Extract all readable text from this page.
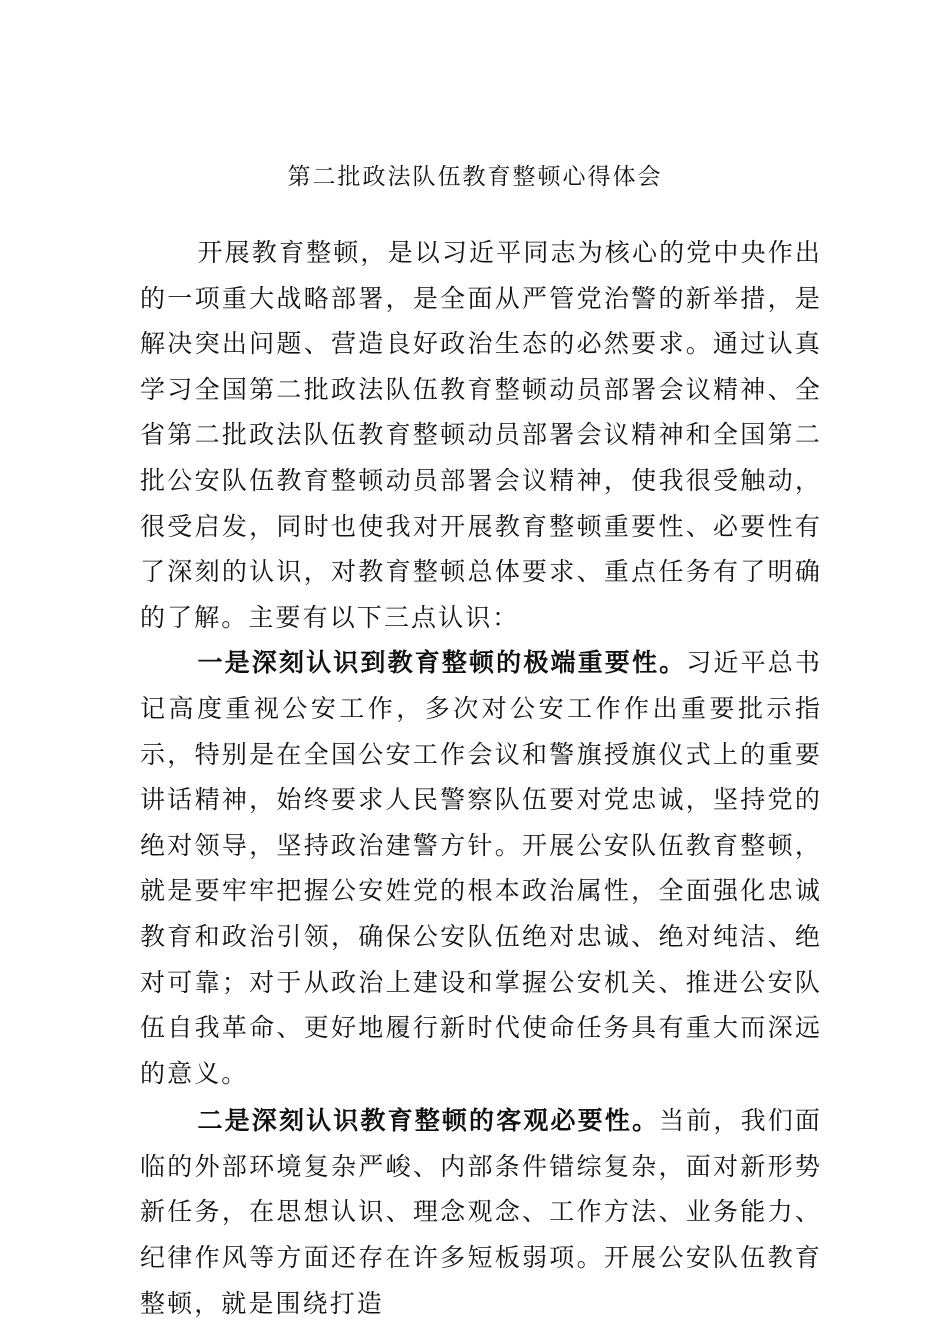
第二批政法队伍教育整顿心得体会

开展教育整顿，是以习近平同志为核心的党中央作出的一项重大战略部署，是全面从严管党治警的新举措，是解决突出问题、营造良好政治生态的必然要求。通过认真学习全国第二批政法队伍教育整顿动员部署会议精神、全省第二批政法队伍教育整顿动员部署会议精神和全国第二批公安队伍教育整顿动员部署会议精神，使我很受触动，很受启发，同时也使我对开展教育整顿重要性、必要性有了深刻的认识，对教育整顿总体要求、重点任务有了明确的了解。主要有以下三点认识：

一是深刻认识到教育整顿的极端重要性。习近平总书记高度重视公安工作，多次对公安工作作出重要批示指示，特别是在全国公安工作会议和警旗授旗仪式上的重要讲话精神，始终要求人民警察队伍要对党忠诚，坚持党的绝对领导，坚持政治建警方针。开展公安队伍教育整顿，就是要牢牢把握公安姓党的根本政治属性，全面强化忠诚教育和政治引领，确保公安队伍绝对忠诚、绝对纯洁、绝对可靠；对于从政治上建设和掌握公安机关、推进公安队伍自我革命、更好地履行新时代使命任务具有重大而深远的意义。

二是深刻认识教育整顿的客观必要性。当前，我们面临的外部环境复杂严峻、内部条件错综复杂，面对新形势新任务，在思想认识、理念观念、工作方法、业务能力、纪律作风等方面还存在许多短板弱项。开展公安队伍教育整顿，就是围绕打造
